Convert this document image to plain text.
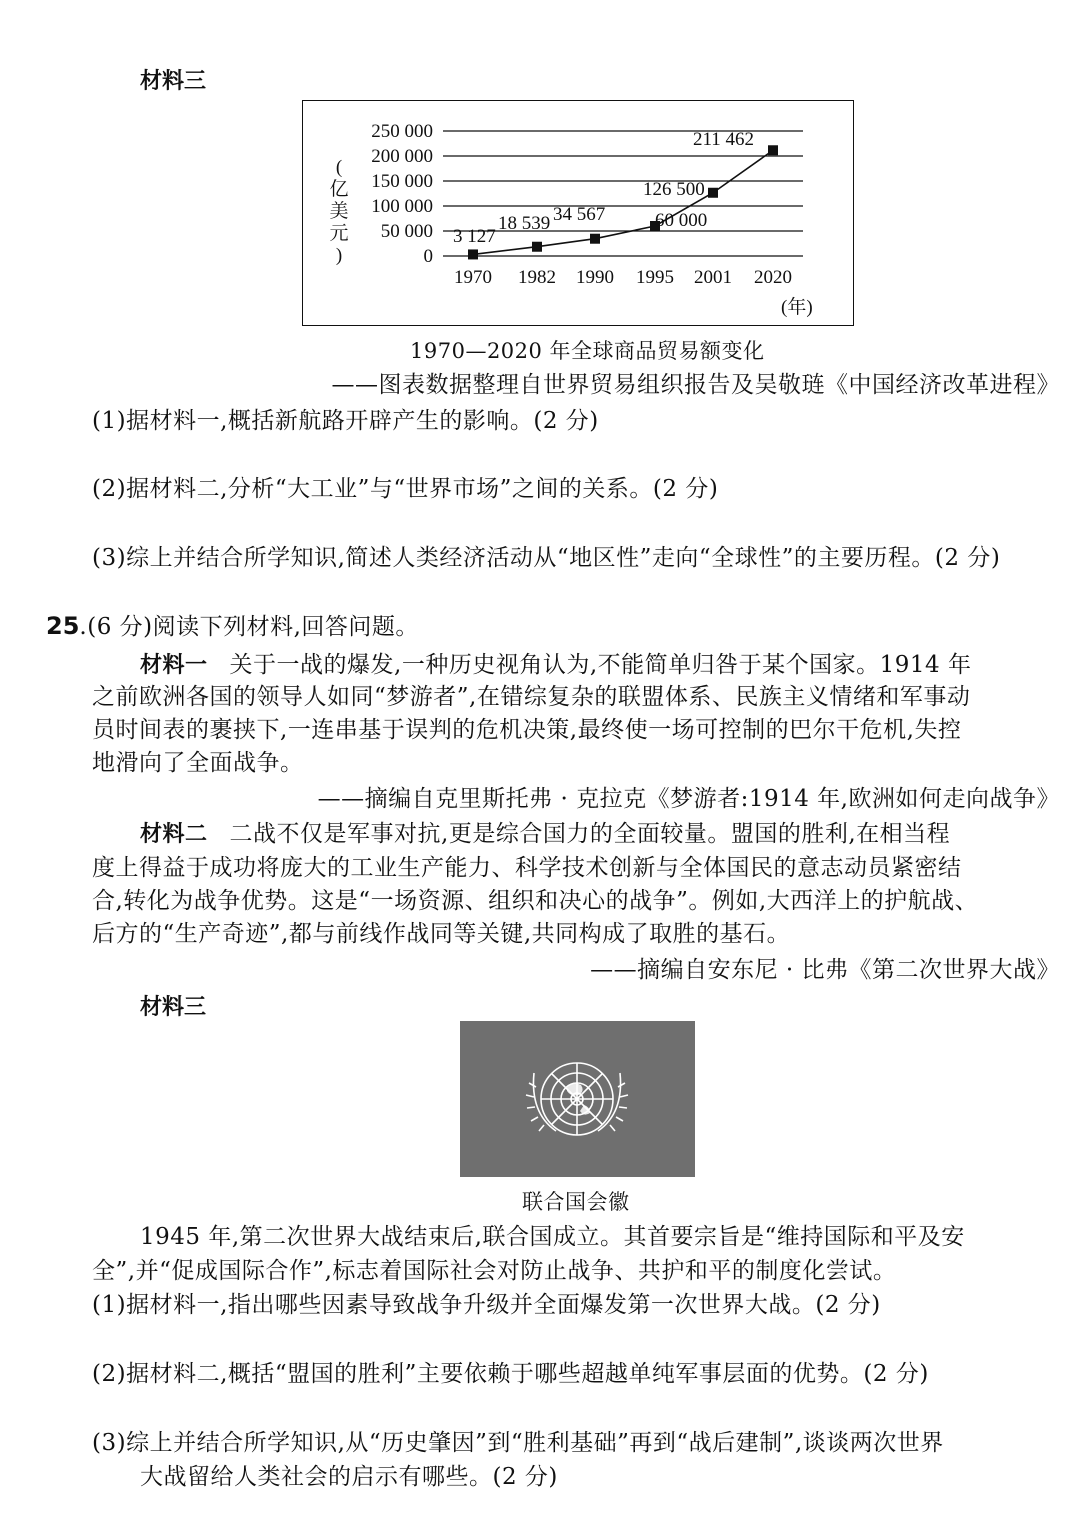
材料三
0
50 000
100 000
150 000
200 000
250 000
(
亿
美
元
)
1970 1982 1990 1995 2001 2020
3 127
18 539 34 567	60 000
126 500
211 462
(年)
1970—2020 年全球商品贸易额变化
——图表数据整理自世界贸易组织报告及吴敬琏《中国经济改革进程》
(1)据材料一,概括新航路开辟产生的影响。(2 分)
(2)据材料二,分析“大工业”与“世界市场”之间的关系。(2 分)
(3)综上并结合所学知识,简述人类经济活动从“地区性”走向“全球性”的主要历程。(2 分)
25.(6 分)阅读下列材料,回答问题。
材料一 关于一战的爆发,一种历史视角认为,不能简单归咎于某个国家。1914 年
之前欧洲各国的领导人如同“梦游者”,在错综复杂的联盟体系、民族主义情绪和军事动
员时间表的裹挟下,一连串基于误判的危机决策,最终使一场可控制的巴尔干危机,失控
地滑向了全面战争。
——摘编自克里斯托弗 · 克拉克《梦游者:1914 年,欧洲如何走向战争》
材料二 二战不仅是军事对抗,更是综合国力的全面较量。盟国的胜利,在相当程
度上得益于成功将庞大的工业生产能力、科学技术创新与全体国民的意志动员紧密结
合,转化为战争优势。这是“一场资源、组织和决心的战争”。例如,大西洋上的护航战、
后方的“生产奇迹”,都与前线作战同等关键,共同构成了取胜的基石。
——摘编自安东尼 · 比弗《第二次世界大战》
材料三
联合国会徽
1945 年,第二次世界大战结束后,联合国成立。其首要宗旨是“维持国际和平及安
全”,并“促成国际合作”,标志着国际社会对防止战争、共护和平的制度化尝试。
(1)据材料一,指出哪些因素导致战争升级并全面爆发第一次世界大战。(2 分)
(2)据材料二,概括“盟国的胜利”主要依赖于哪些超越单纯军事层面的优势。(2 分)
(3)综上并结合所学知识,从“历史肇因”到“胜利基础”再到“战后建制”,谈谈两次世界
大战留给人类社会的启示有哪些。(2 分)
